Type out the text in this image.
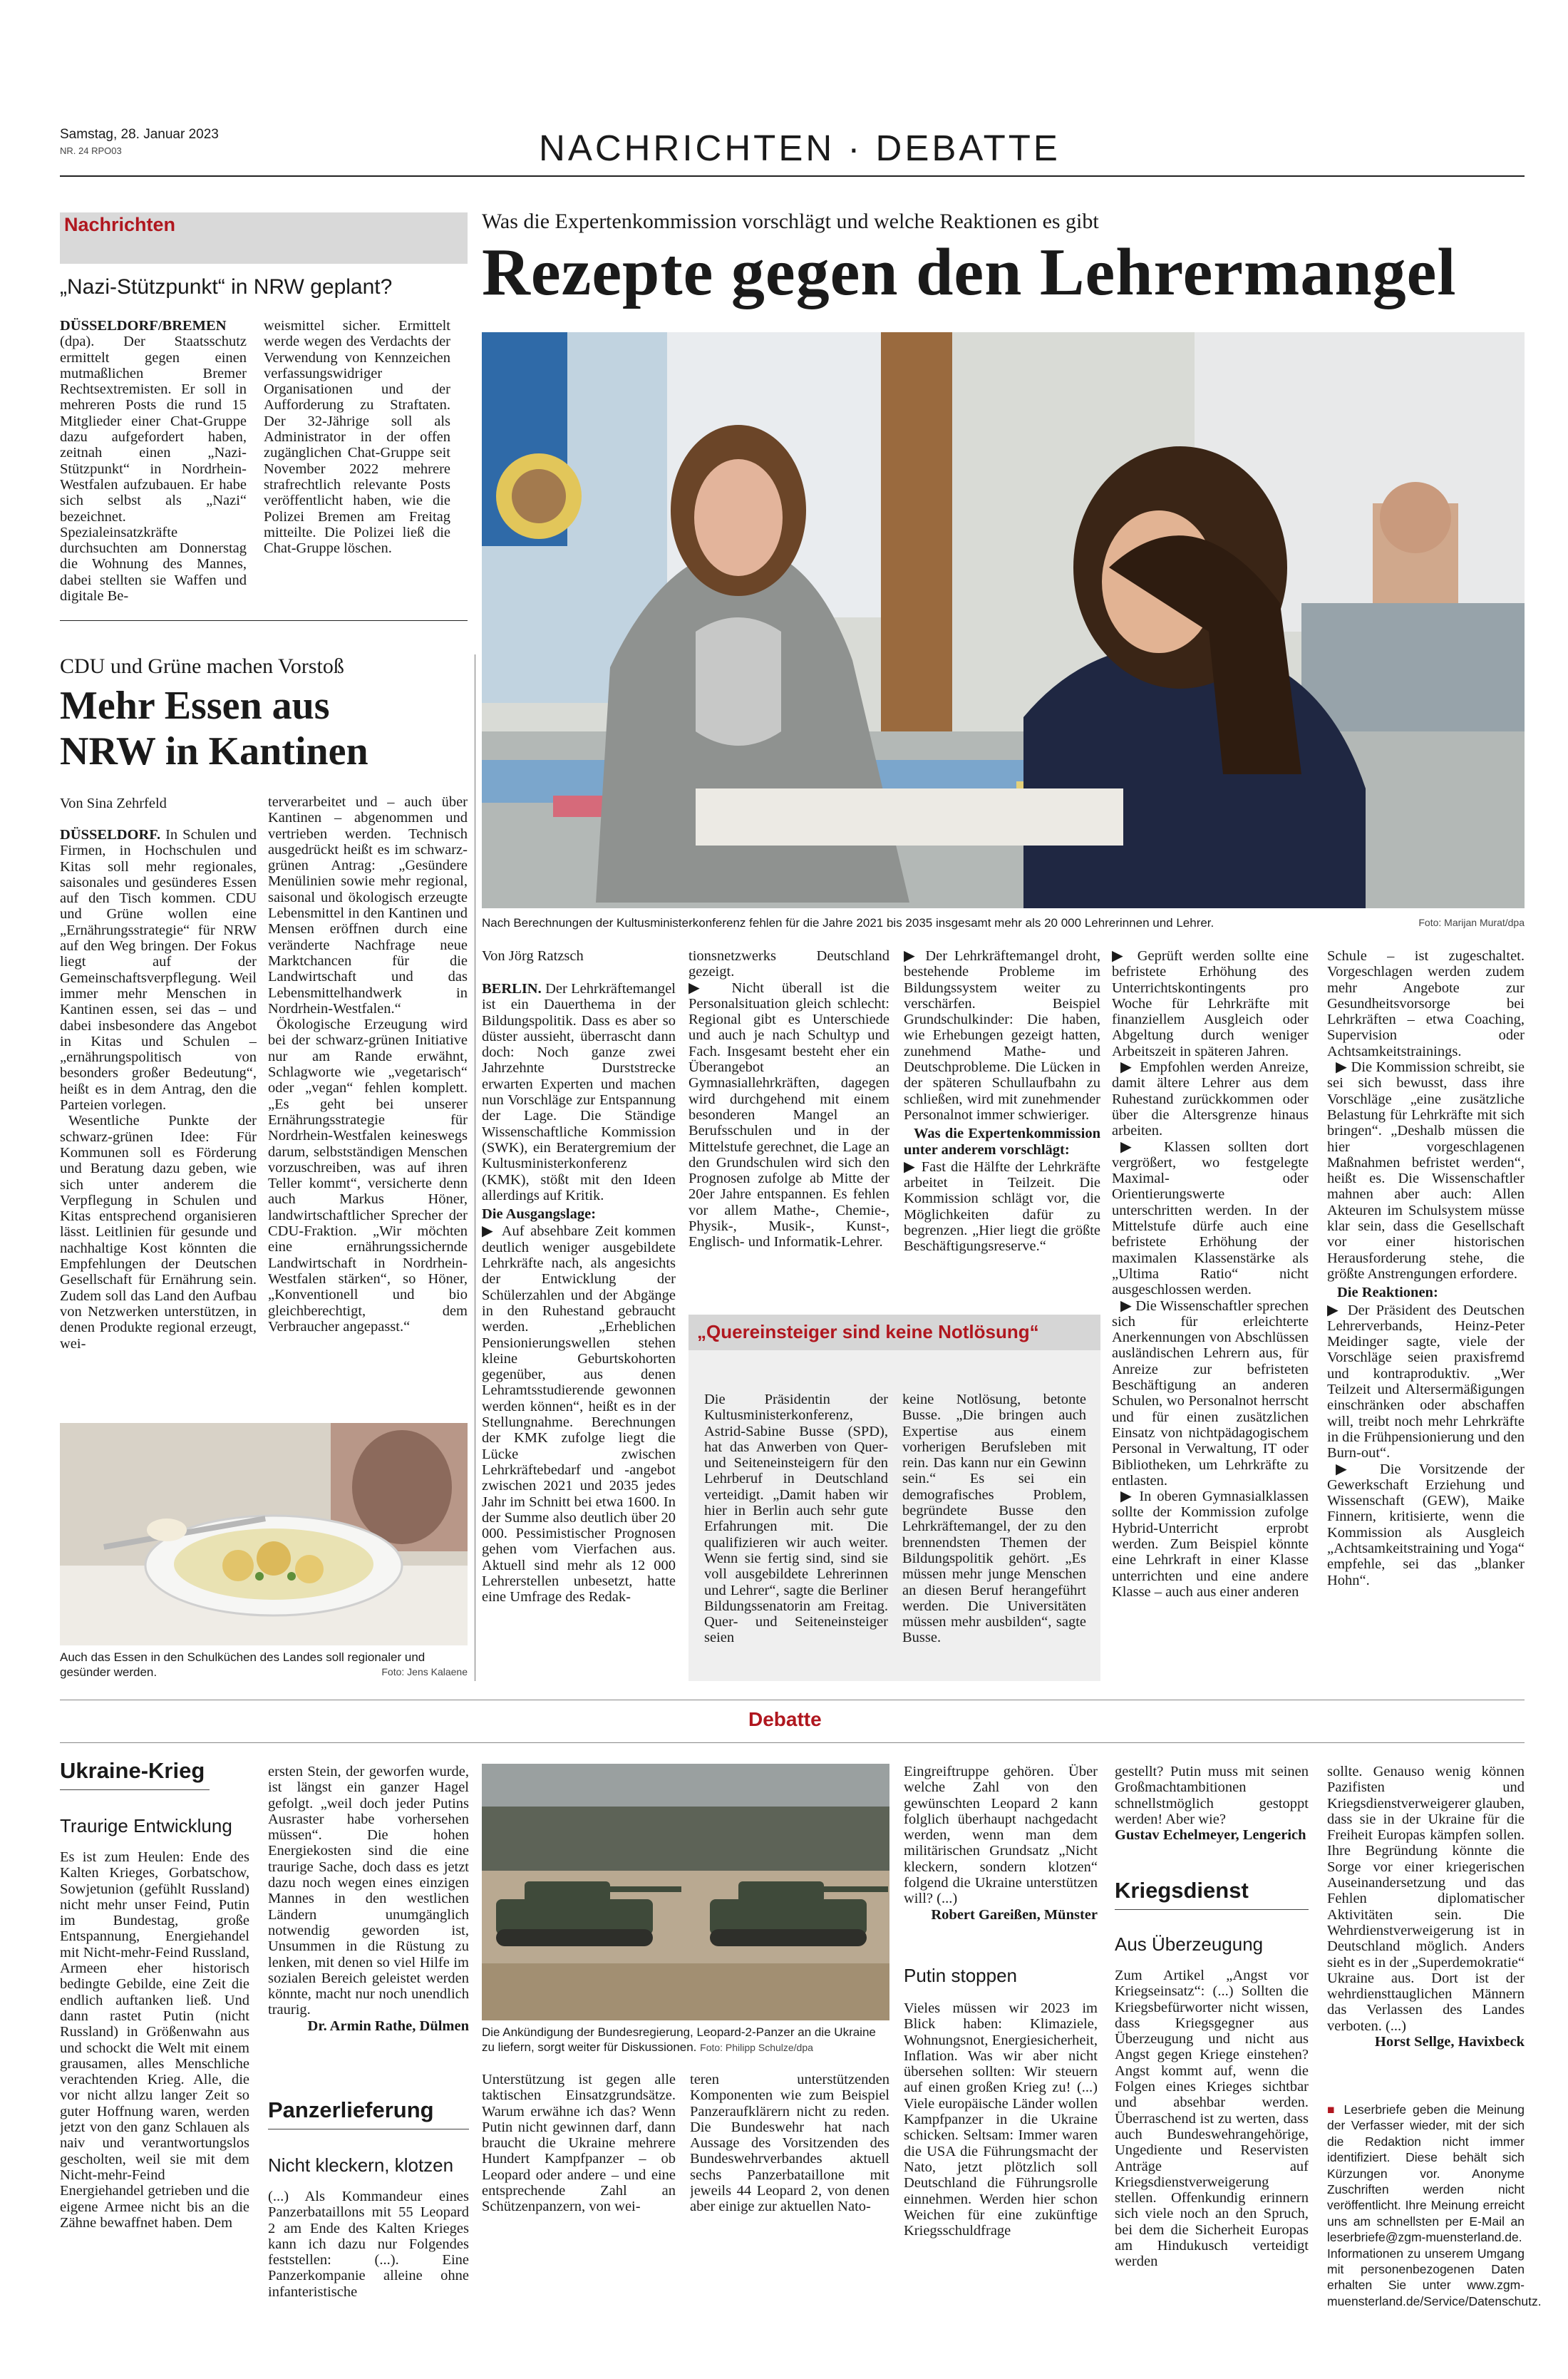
Samstag, 28. Januar 2023
NR. 24 RPO03	NACHRICHTEN · DEBATTE
Nachrichten
„Nazi-Stützpunkt“ in NRW geplant?

DÜSSELDORF/BREMEN (dpa). Der Staatsschutz ermittelt gegen einen mutmaßlichen Bremer Rechtsextremisten. Er soll in mehreren Posts die rund 15 Mitglieder einer Chat-Gruppe dazu aufgefordert haben, zeitnah einen „Nazi-Stützpunkt“ in Nordrhein-Westfalen aufzubauen. Er habe sich selbst als „Nazi“ bezeichnet. Spezialeinsatzkräfte durchsuchten am Donnerstag die Wohnung des Mannes, dabei stellten sie Waffen und digitale Be-

weismittel sicher. Ermittelt werde wegen des Verdachts der Verwendung von Kennzeichen verfassungswidriger Organisationen und der Aufforderung zu Straftaten. Der 32-Jährige soll als Administrator in der offen zugänglichen Chat-Gruppe seit November 2022 mehrere strafrechtlich relevante Posts veröffentlicht haben, wie die Polizei Bremen am Freitag mitteilte. Die Polizei ließ die Chat-Gruppe löschen.

CDU und Grüne machen Vorstoß
Mehr Essen aus
NRW in Kantinen
Von Sina Zehrfeld

DÜSSELDORF. In Schulen und Firmen, in Hochschulen und Kitas soll mehr regionales, saisonales und gesünderes Essen auf den Tisch kommen. CDU und Grüne wollen eine „Ernährungsstrategie“ für NRW auf den Weg bringen. Der Fokus liegt auf der Gemeinschaftsverpflegung. Weil immer mehr Menschen in Kantinen essen, sei das – und dabei insbesondere das Angebot in Kitas und Schulen – „ernährungspolitisch von besonders großer Bedeutung“, heißt es in dem Antrag, den die Parteien vorlegen.

Wesentliche Punkte der schwarz-grünen Idee: Für Kommunen soll es Förderung und Beratung dazu geben, wie sich unter anderem die Verpflegung in Schulen und Kitas entsprechend organisieren lässt. Leitlinien für gesunde und nachhaltige Kost könnten die Empfehlungen der Deutschen Gesellschaft für Ernährung sein. Zudem soll das Land den Aufbau von Netzwerken unterstützen, in denen Produkte regional erzeugt, wei-

terverarbeitet und – auch über Kantinen – abgenommen und vertrieben werden. Technisch ausgedrückt heißt es im schwarz-grünen Antrag: „Gesündere Menülinien sowie mehr regional, saisonal und ökologisch erzeugte Lebensmittel in den Kantinen und Mensen eröffnen durch eine veränderte Nachfrage neue Marktchancen für die Landwirtschaft und das Lebensmittelhandwerk in Nordrhein-Westfalen.“

Ökologische Erzeugung wird bei der schwarz-grünen Initiative nur am Rande erwähnt, Schlagworte wie „vegetarisch“ oder „vegan“ fehlen komplett. „Es geht bei unserer Ernährungsstrategie für Nordrhein-Westfalen keineswegs darum, selbstständigen Menschen vorzuschreiben, was auf ihren Teller kommt“, versicherte denn auch Markus Höner, landwirtschaftlicher Sprecher der CDU-Fraktion. „Wir möchten eine ernährungssichernde Landwirtschaft in Nordrhein-Westfalen stärken“, so Höner, „Konventionell und bio gleichberechtigt, dem Verbraucher angepasst.“

Auch das Essen in den Schulküchen des Landes soll regionaler und gesünder werden.	Foto: Jens Kalaene
Was die Expertenkommission vorschlägt und welche Reaktionen es gibt
Rezepte gegen den Lehrermangel
Nach Berechnungen der Kultusministerkonferenz fehlen für die Jahre 2021 bis 2035 insgesamt mehr als 20 000 Lehrerinnen und Lehrer.	Foto: Marijan Murat/dpa
Von Jörg Ratzsch

BERLIN. Der Lehrkräftemangel ist ein Dauerthema in der Bildungspolitik. Dass es aber so düster aussieht, überrascht dann doch: Noch ganze zwei Jahrzehnte Durststrecke erwarten Experten und machen nun Vorschläge zur Entspannung der Lage. Die Ständige Wissenschaftliche Kommission (SWK), ein Beratergremium der Kultusministerkonferenz (KMK), stößt mit den Ideen allerdings auf Kritik.

Die Ausgangslage:

▶ Auf absehbare Zeit kommen deutlich weniger ausgebildete Lehrkräfte nach, als angesichts der Entwicklung der Schülerzahlen und der Abgänge in den Ruhestand gebraucht werden. „Erheblichen Pensionierungswellen stehen kleine Geburtskohorten gegenüber, aus denen Lehramtsstudierende gewonnen werden können“, heißt es in der Stellungnahme. Berechnungen der KMK zufolge liegt die Lücke zwischen Lehrkräftebedarf und -angebot zwischen 2021 und 2035 jedes Jahr im Schnitt bei etwa 1600. In der Summe also deutlich über 20 000. Pessimistischer Prognosen gehen vom Vierfachen aus. Aktuell sind mehr als 12 000 Lehrerstellen unbesetzt, hatte eine Umfrage des Redak-

tionsnetzwerks Deutschland gezeigt.

▶ Nicht überall ist die Personalsituation gleich schlecht: Regional gibt es Unterschiede und auch je nach Schultyp und Fach. Insgesamt besteht eher ein Überangebot an Gymnasiallehrkräften, dagegen wird durchgehend mit einem besonderen Mangel an Berufsschulen und in der Mittelstufe gerechnet, die Lage an den Grundschulen wird sich den Prognosen zufolge ab Mitte der 20er Jahre entspannen. Es fehlen vor allem Mathe-, Chemie-, Physik-, Musik-, Kunst-, Englisch- und Informatik-Lehrer.

▶ Der Lehrkräftemangel droht, bestehende Probleme im Bildungssystem weiter zu verschärfen. Beispiel Grundschulkinder: Die haben, wie Erhebungen gezeigt hatten, zunehmend Mathe- und Deutschprobleme. Die Lücken in der späteren Schullaufbahn zu schließen, wird mit zunehmender Personalnot immer schwieriger.

Was die Expertenkommission unter anderem vorschlägt:

▶ Fast die Hälfte der Lehrkräfte arbeitet in Teilzeit. Die Kommission schlägt vor, die Möglichkeiten dafür zu begrenzen. „Hier liegt die größte Beschäftigungsreserve.“

„Quereinsteiger sind keine Notlösung“

Die Präsidentin der Kultusministerkonferenz, Astrid-Sabine Busse (SPD), hat das Anwerben von Quer- und Seiteneinsteigern für den Lehrberuf in Deutschland verteidigt. „Damit haben wir hier in Berlin auch sehr gute Erfahrungen mit. Die qualifizieren wir auch weiter. Wenn sie fertig sind, sind sie voll ausgebildete Lehrerinnen und Lehrer“, sagte die Berliner Bildungssenatorin am Freitag. Quer- und Seiteneinsteiger seien

keine Notlösung, betonte Busse. „Die bringen auch Expertise aus einem vorherigen Berufsleben mit rein. Das kann nur ein Gewinn sein.“ Es sei ein demografisches Problem, begründete Busse den Lehrkräftemangel, der zu den brennendsten Themen der Bildungspolitik gehört. „Es müssen mehr junge Menschen an diesen Beruf herangeführt werden. Die Universitäten müssen mehr ausbilden“, sagte Busse.

▶ Geprüft werden sollte eine befristete Erhöhung des Unterrichtskontingents pro Woche für Lehrkräfte mit finanziellem Ausgleich oder Abgeltung durch weniger Arbeitszeit in späteren Jahren.

▶ Empfohlen werden Anreize, damit ältere Lehrer aus dem Ruhestand zurückkommen oder über die Altersgrenze hinaus arbeiten.

▶ Klassen sollten dort vergrößert, wo festgelegte Maximal- oder Orientierungswerte unterschritten werden. In der Mittelstufe dürfe auch eine befristete Erhöhung der maximalen Klassenstärke als „Ultima Ratio“ nicht ausgeschlossen werden.

▶ Die Wissenschaftler sprechen sich für erleichterte Anerkennungen von Abschlüssen ausländischen Lehrern aus, für Anreize zur befristeten Beschäftigung an anderen Schulen, wo Personalnot herrscht und für einen zusätzlichen Einsatz von nichtpädagogischem Personal in Verwaltung, IT oder Bibliotheken, um Lehrkräfte zu entlasten.

▶ In oberen Gymnasialklassen sollte der Kommission zufolge Hybrid-Unterricht erprobt werden. Zum Beispiel könnte eine Lehrkraft in einer Klasse unterrichten und eine andere Klasse – auch aus einer anderen

Schule – ist zugeschaltet. Vorgeschlagen werden zudem mehr Angebote zur Gesundheitsvorsorge bei Lehrkräften – etwa Coaching, Supervision oder Achtsamkeitstrainings.

▶ Die Kommission schreibt, sie sei sich bewusst, dass ihre Vorschläge „eine zusätzliche Belastung für Lehrkräfte mit sich bringen“. „Deshalb müssen die hier vorgeschlagenen Maßnahmen befristet werden“, heißt es. Die Wissenschaftler mahnen aber auch: Allen Akteuren im Schulsystem müsse klar sein, dass die Gesellschaft vor einer historischen Herausforderung stehe, die größte Anstrengungen erfordere.

Die Reaktionen:

▶ Der Präsident des Deutschen Lehrerverbands, Heinz-Peter Meidinger sagte, viele der Vorschläge seien praxisfremd und kontraproduktiv. „Wer Teilzeit und Altersermäßigungen einschränken oder abschaffen will, treibt noch mehr Lehrkräfte in die Frühpensionierung und den Burn-out“.

▶ Die Vorsitzende der Gewerkschaft Erziehung und Wissenschaft (GEW), Maike Finnern, kritisierte, wenn die Kommission als Ausgleich „Achtsamkeitstraining und Yoga“ empfehle, sei das „blanker Hohn“.

Debatte
Ukraine-Krieg
Traurige Entwicklung

Es ist zum Heulen: Ende des Kalten Krieges, Gorbatschow, Sowjetunion (gefühlt Russland) nicht mehr unser Feind, Putin im Bundestag, große Entspannung, Energiehandel mit Nicht-mehr-Feind Russland, Armeen eher historisch bedingte Gebilde, eine Zeit die endlich auftanken ließ. Und dann rastet Putin (nicht Russland) in Größenwahn aus und schockt die Welt mit einem grausamen, alles Menschliche verachtenden Krieg. Alle, die vor nicht allzu langer Zeit so guter Hoffnung waren, werden jetzt von den ganz Schlauen als naiv und verantwortungslos gescholten, weil sie mit dem Nicht-mehr-Feind Energiehandel getrieben und die eigene Armee nicht bis an die Zähne bewaffnet haben. Dem

ersten Stein, der geworfen wurde, ist längst ein ganzer Hagel gefolgt. „weil doch jeder Putins Ausraster habe vorhersehen müssen“. Die hohen Energiekosten sind die eine traurige Sache, doch dass es jetzt dazu noch wegen eines einzigen Mannes in den westlichen Ländern unumgänglich notwendig geworden ist, Unsummen in die Rüstung zu lenken, mit denen so viel Hilfe im sozialen Bereich geleistet werden könnte, macht nur noch unendlich traurig.

Dr. Armin Rathe, Dülmen
Panzerlieferung
Nicht kleckern, klotzen

(...) Als Kommandeur eines Panzerbataillons mit 55 Leopard 2 am Ende des Kalten Krieges kann ich dazu nur Folgendes feststellen: (...). Eine Panzerkompanie alleine ohne infanteristische

Die Ankündigung der Bundesregierung, Leopard-2-Panzer an die Ukraine zu liefern, sorgt weiter für Diskussionen. Foto: Philipp Schulze/dpa

Unterstützung ist gegen alle taktischen Einsatzgrundsätze. Warum erwähne ich das? Wenn Putin nicht gewinnen darf, dann braucht die Ukraine mehrere Hundert Kampfpanzer – ob Leopard oder andere – und eine entsprechende Zahl an Schützenpanzern, von wei-

teren unterstützenden Komponenten wie zum Beispiel Panzeraufklärern nicht zu reden. Die Bundeswehr hat nach Aussage des Vorsitzenden des Bundeswehrverbandes aktuell sechs Panzerbataillone mit jeweils 44 Leopard 2, von denen aber einige zur aktuellen Nato-

Eingreiftruppe gehören. Über welche Zahl von den gewünschten Leopard 2 kann folglich überhaupt nachgedacht werden, wenn man dem militärischen Grundsatz „Nicht kleckern, sondern klotzen“ folgend die Ukraine unterstützen will? (...)

Robert Gareißen, Münster
Putin stoppen

Vieles müssen wir 2023 im Blick haben: Klimaziele, Wohnungsnot, Energiesicherheit, Inflation. Was wir aber nicht übersehen sollten: Wir steuern auf einen großen Krieg zu! (...) Viele europäische Länder wollen Kampfpanzer in die Ukraine schicken. Seltsam: Immer waren die USA die Führungsmacht der Nato, jetzt plötzlich soll Deutschland die Führungsrolle einnehmen. Werden hier schon Weichen für eine zukünftige Kriegsschuldfrage

gestellt? Putin muss mit seinen Großmachtambitionen schnellstmöglich gestoppt werden! Aber wie?

Gustav Echelmeyer, Lengerich
Kriegsdienst
Aus Überzeugung

Zum Artikel „Angst vor Kriegseinsatz“: (...) Sollten die Kriegsbefürworter nicht wissen, dass Kriegsgegner aus Überzeugung und nicht aus Angst gegen Kriege einstehen? Angst kommt auf, wenn die Folgen eines Krieges sichtbar und absehbar werden. Überraschend ist zu werten, dass auch Bundeswehrangehörige, Ungediente und Reservisten Anträge auf Kriegsdienstverweigerung stellen. Offenkundig erinnern sich viele noch an den Spruch, bei dem die Sicherheit Europas am Hindukusch verteidigt werden

sollte. Genauso wenig können Pazifisten und Kriegsdienstverweigerer glauben, dass sie in der Ukraine für die Freiheit Europas kämpfen sollen. Ihre Begründung könnte die Sorge vor einer kriegerischen Auseinandersetzung und das Fehlen diplomatischer Aktivitäten sein. Die Wehrdienstverweigerung ist in Deutschland möglich. Anders sieht es in der „Superdemokratie“ Ukraine aus. Dort ist der wehrdiensttauglichen Männern das Verlassen des Landes verboten. (...)

Horst Sellge, Havixbeck
■ Leserbriefe geben die Meinung der Verfasser wieder, mit der sich die Redaktion nicht immer identifiziert. Diese behält sich Kürzungen vor. Anonyme Zuschriften werden nicht veröffentlicht. Ihre Meinung erreicht uns am schnellsten per E-Mail an leserbriefe@zgm-muensterland.de. Informationen zu unserem Umgang mit personenbezogenen Daten erhalten Sie unter www.zgm-muensterland.de/Service/Datenschutz.
